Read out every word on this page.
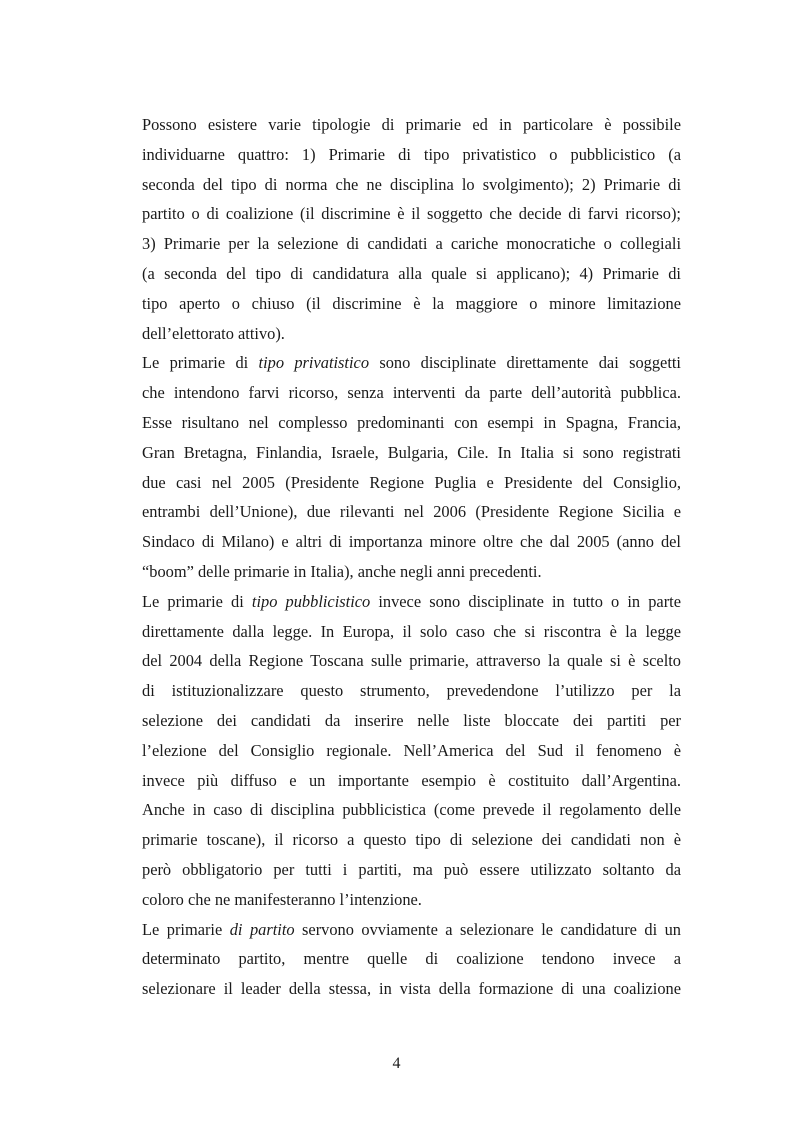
Possono esistere varie tipologie di primarie ed in particolare è possibile
individuarne quattro: 1) Primarie di tipo privatistico o pubblicistico (a
seconda del tipo di norma che ne disciplina lo svolgimento); 2) Primarie di
partito o di coalizione (il discrimine è il soggetto che decide di farvi ricorso);
3) Primarie per la selezione di candidati a cariche monocratiche o collegiali
(a seconda del tipo di candidatura alla quale si applicano); 4) Primarie di
tipo aperto o chiuso (il discrimine è la maggiore o minore limitazione
dell’elettorato attivo).
Le primarie di tipo privatistico sono disciplinate direttamente dai soggetti
che intendono farvi ricorso, senza interventi da parte dell’autorità pubblica.
Esse risultano nel complesso predominanti con esempi in Spagna, Francia,
Gran Bretagna, Finlandia, Israele, Bulgaria, Cile. In Italia si sono registrati
due casi nel 2005 (Presidente Regione Puglia e Presidente del Consiglio,
entrambi dell’Unione), due rilevanti nel 2006 (Presidente Regione Sicilia e
Sindaco di Milano) e altri di importanza minore oltre che dal 2005 (anno del
“boom” delle primarie in Italia), anche negli anni precedenti.
Le primarie di tipo pubblicistico invece sono disciplinate in tutto o in parte
direttamente dalla legge. In Europa, il solo caso che si riscontra è la legge
del 2004 della Regione Toscana sulle primarie, attraverso la quale si è scelto
di istituzionalizzare questo strumento, prevedendone l’utilizzo per la
selezione dei candidati da inserire nelle liste bloccate dei partiti per
l’elezione del Consiglio regionale. Nell’America del Sud il fenomeno è
invece più diffuso e un importante esempio è costituito dall’Argentina.
Anche in caso di disciplina pubblicistica (come prevede il regolamento delle
primarie toscane), il ricorso a questo tipo di selezione dei candidati non è
però obbligatorio per tutti i partiti, ma può essere utilizzato soltanto da
coloro che ne manifesteranno l’intenzione.
Le primarie di partito servono ovviamente a selezionare le candidature di un
determinato partito, mentre quelle di coalizione tendono invece a
selezionare il leader della stessa, in vista della formazione di una coalizione
4
